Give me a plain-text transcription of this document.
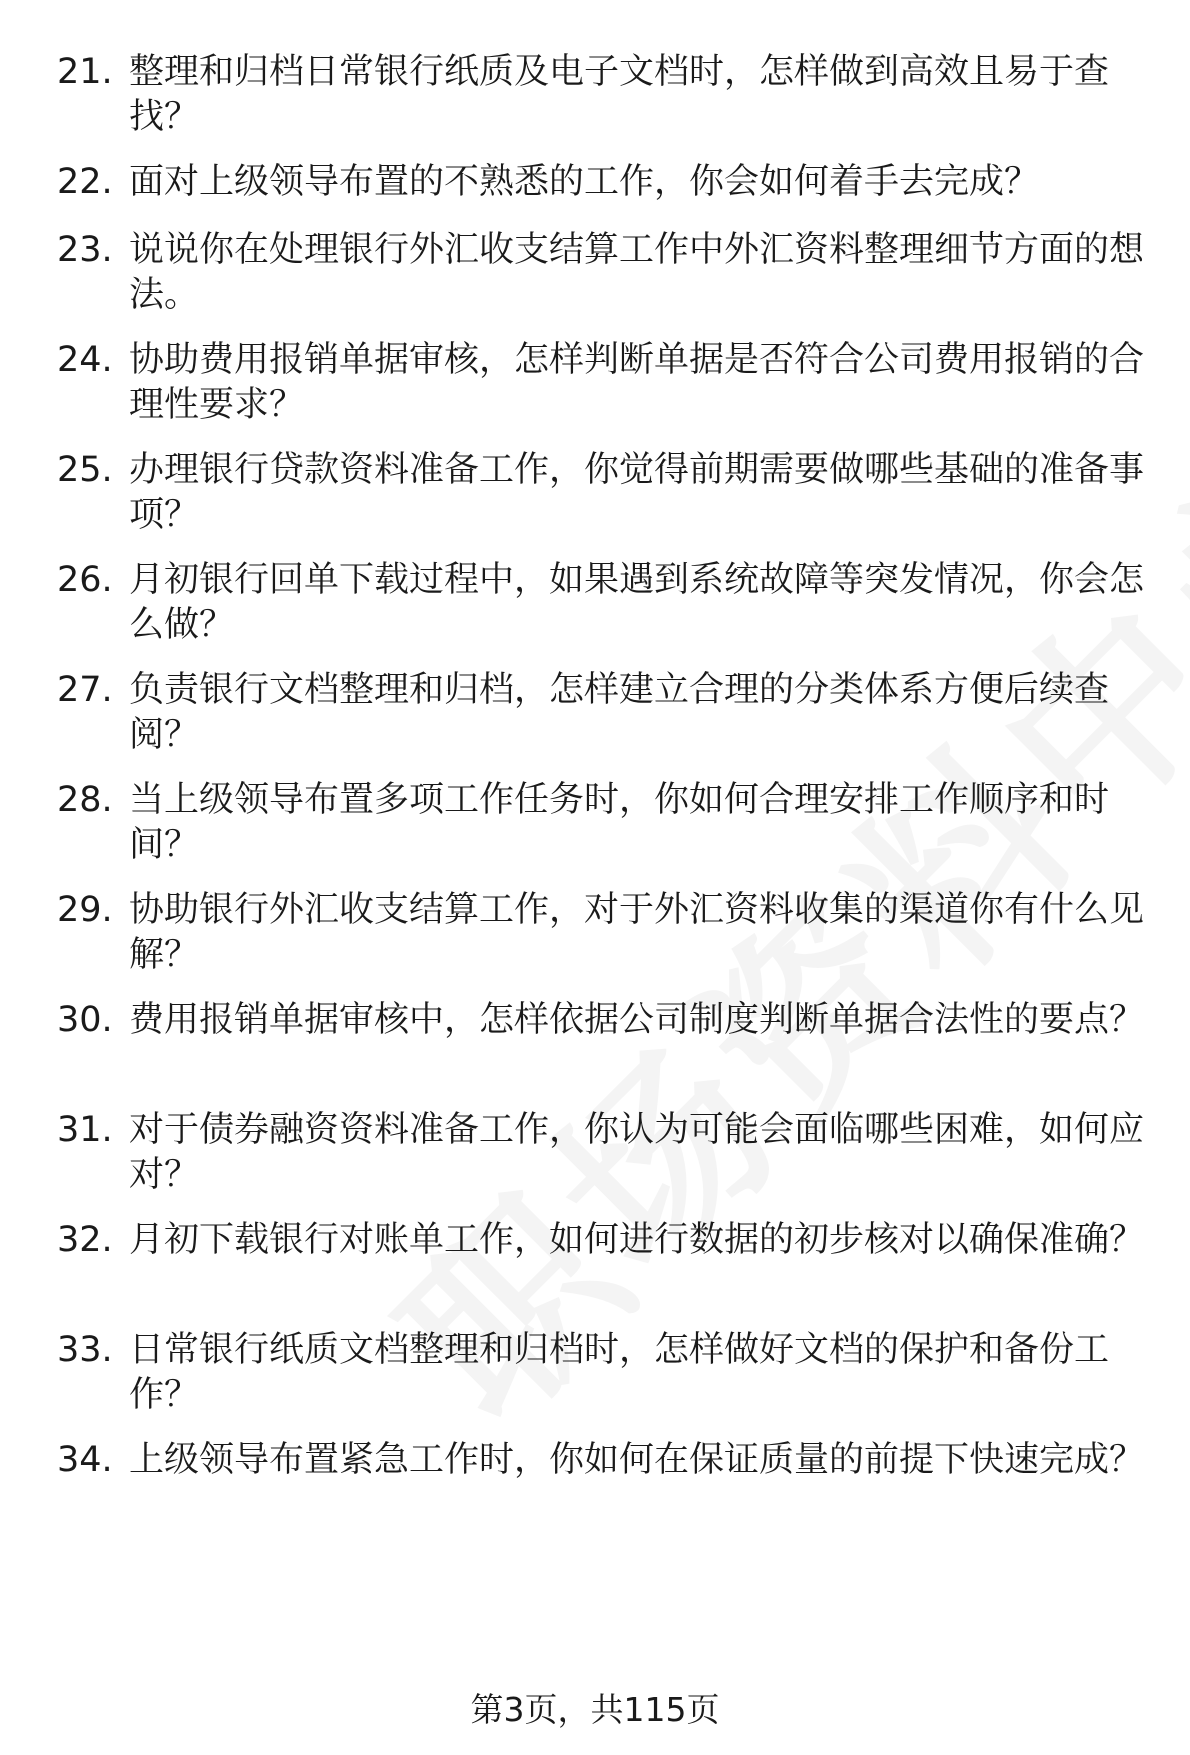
21. 整理和归档日常银行纸质及电子文档时，怎样做到高效且易于查找？
22. 面对上级领导布置的不熟悉的工作，你会如何着手去完成？
23. 说说你在处理银行外汇收支结算工作中外汇资料整理细节方面的想法。
24. 协助费用报销单据审核，怎样判断单据是否符合公司费用报销的合理性要求？
25. 办理银行贷款资料准备工作，你觉得前期需要做哪些基础的准备事项？
26. 月初银行回单下载过程中，如果遇到系统故障等突发情况，你会怎么做？
27. 负责银行文档整理和归档，怎样建立合理的分类体系方便后续查阅？
28. 当上级领导布置多项工作任务时，你如何合理安排工作顺序和时间？
29. 协助银行外汇收支结算工作，对于外汇资料收集的渠道你有什么见解？
30. 费用报销单据审核中，怎样依据公司制度判断单据合法性的要点？
31. 对于债券融资资料准备工作，你认为可能会面临哪些困难，如何应对？
32. 月初下载银行对账单工作，如何进行数据的初步核对以确保准确？
33. 日常银行纸质文档整理和归档时，怎样做好文档的保护和备份工作？
34. 上级领导布置紧急工作时，你如何在保证质量的前提下快速完成？
第3页，共115页
